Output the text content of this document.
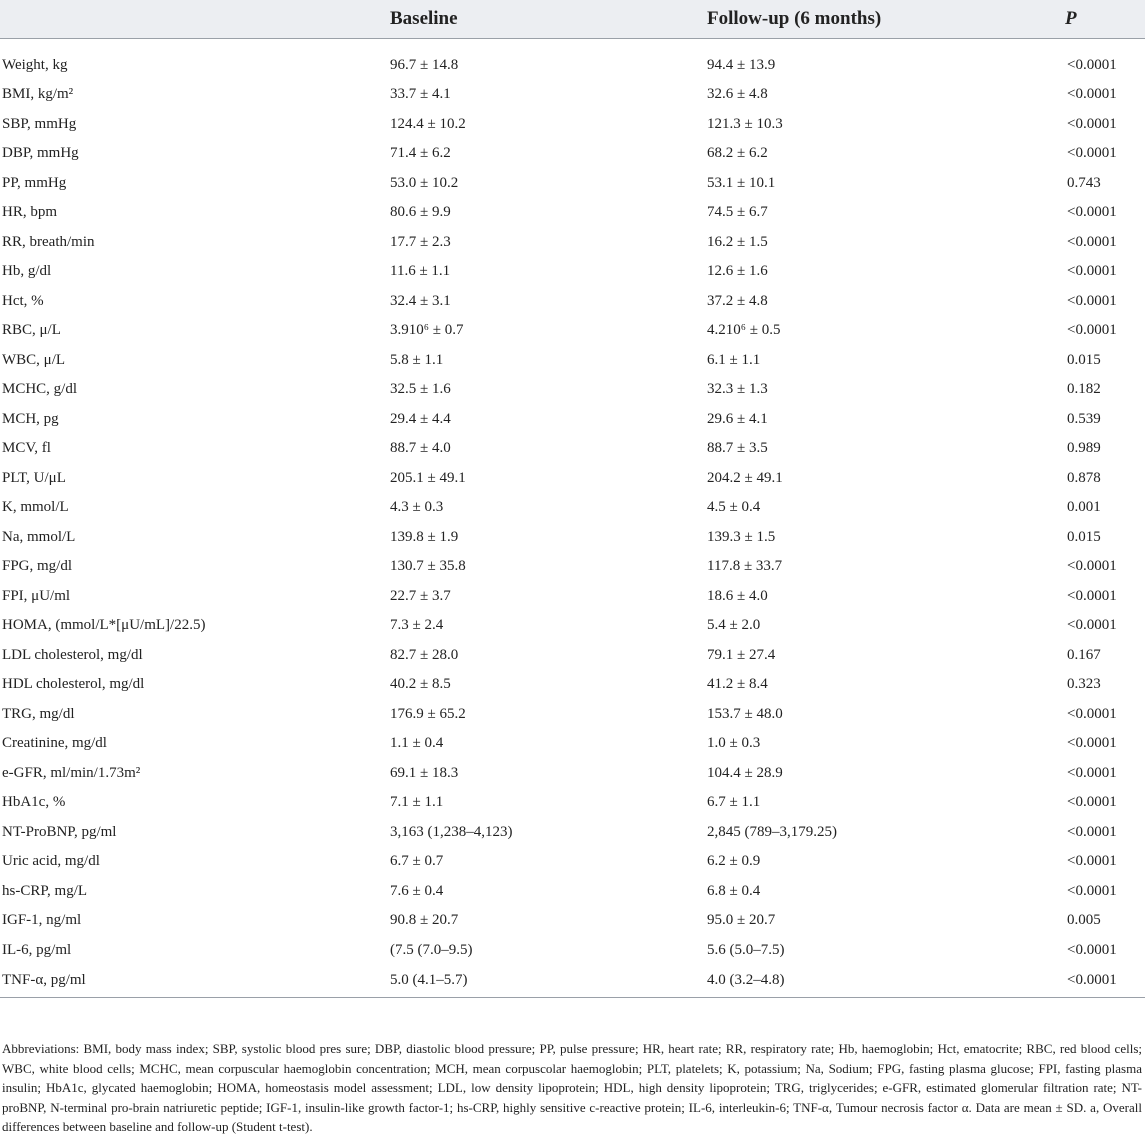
	Baseline	Follow-up (6 months)	P
Weight, kg	96.7 ± 14.8	94.4 ± 13.9	<0.0001
BMI, kg/m²	33.7 ± 4.1	32.6 ± 4.8	<0.0001
SBP, mmHg	124.4 ± 10.2	121.3 ± 10.3	<0.0001
DBP, mmHg	71.4 ± 6.2	68.2 ± 6.2	<0.0001
PP, mmHg	53.0 ± 10.2	53.1 ± 10.1	0.743
HR, bpm	80.6 ± 9.9	74.5 ± 6.7	<0.0001
RR, breath/min	17.7 ± 2.3	16.2 ± 1.5	<0.0001
Hb, g/dl	11.6 ± 1.1	12.6 ± 1.6	<0.0001
Hct, %	32.4 ± 3.1	37.2 ± 4.8	<0.0001
RBC, μ/L	3.910⁶ ± 0.7	4.210⁶ ± 0.5	<0.0001
WBC, μ/L	5.8 ± 1.1	6.1 ± 1.1	0.015
MCHC, g/dl	32.5 ± 1.6	32.3 ± 1.3	0.182
MCH, pg	29.4 ± 4.4	29.6 ± 4.1	0.539
MCV, fl	88.7 ± 4.0	88.7 ± 3.5	0.989
PLT, U/μL	205.1 ± 49.1	204.2 ± 49.1	0.878
K, mmol/L	4.3 ± 0.3	4.5 ± 0.4	0.001
Na, mmol/L	139.8 ± 1.9	139.3 ± 1.5	0.015
FPG, mg/dl	130.7 ± 35.8	117.8 ± 33.7	<0.0001
FPI, μU/ml	22.7 ± 3.7	18.6 ± 4.0	<0.0001
HOMA, (mmol/L*[μU/mL]/22.5)	7.3 ± 2.4	5.4 ± 2.0	<0.0001
LDL cholesterol, mg/dl	82.7 ± 28.0	79.1 ± 27.4	0.167
HDL cholesterol, mg/dl	40.2 ± 8.5	41.2 ± 8.4	0.323
TRG, mg/dl	176.9 ± 65.2	153.7 ± 48.0	<0.0001
Creatinine, mg/dl	1.1 ± 0.4	1.0 ± 0.3	<0.0001
e-GFR, ml/min/1.73m²	69.1 ± 18.3	104.4 ± 28.9	<0.0001
HbA1c, %	7.1 ± 1.1	6.7 ± 1.1	<0.0001
NT-ProBNP, pg/ml	3,163 (1,238–4,123)	2,845 (789–3,179.25)	<0.0001
Uric acid, mg/dl	6.7 ± 0.7	6.2 ± 0.9	<0.0001
hs-CRP, mg/L	7.6 ± 0.4	6.8 ± 0.4	<0.0001
IGF-1, ng/ml	90.8 ± 20.7	95.0 ± 20.7	0.005
IL-6, pg/ml	(7.5 (7.0–9.5)	5.6 (5.0–7.5)	<0.0001
TNF-α, pg/ml	5.0 (4.1–5.7)	4.0 (3.2–4.8)	<0.0001
Abbreviations: BMI, body mass index; SBP, systolic blood pres sure; DBP, diastolic blood pressure; PP, pulse pressure; HR, heart rate; RR, respiratory rate; Hb, haemoglobin; Hct, ematocrite; RBC, red blood cells; WBC, white blood cells; MCHC, mean corpuscular haemoglobin concentration; MCH, mean corpuscolar haemoglobin; PLT, platelets; K, potassium; Na, Sodium; FPG, fasting plasma glucose; FPI, fasting plasma insulin; HbA1c, glycated haemoglobin; HOMA, homeostasis model assessment; LDL, low density lipoprotein; HDL, high density lipoprotein; TRG, triglycerides; e-GFR, estimated glomerular filtration rate; NT-proBNP, N-terminal pro-brain natriuretic peptide; IGF-1, insulin-like growth factor-1; hs-CRP, highly sensitive c-reactive protein; IL-6, interleukin-6; TNF-α, Tumour necrosis factor α. Data are mean ± SD. a, Overall differences between baseline and follow-up (Student t-test).
